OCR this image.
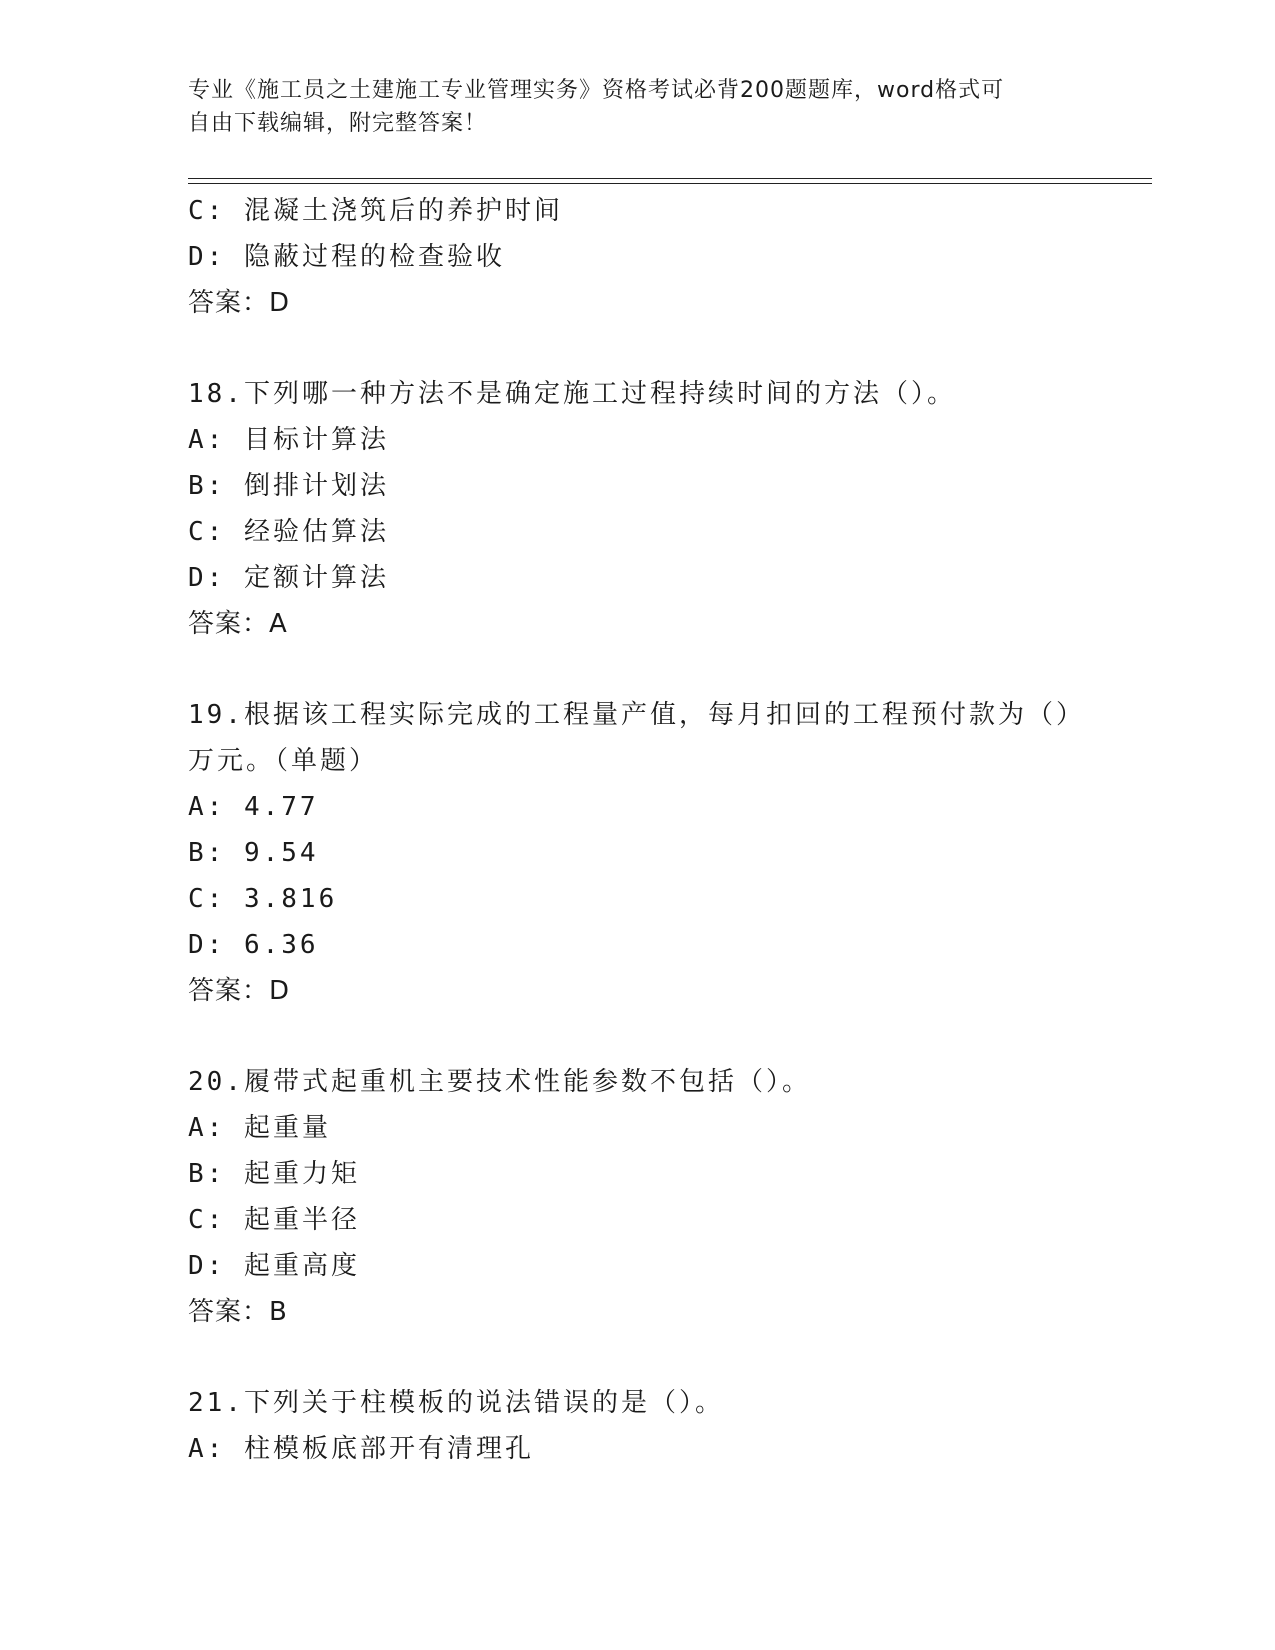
专业《施工员之土建施工专业管理实务》资格考试必背200题题库，word格式可
自由下载编辑，附完整答案！
C: 混凝土浇筑后的养护时间
D: 隐蔽过程的检查验收
答案：D
18.下列哪一种方法不是确定施工过程持续时间的方法（）。
A: 目标计算法
B: 倒排计划法
C: 经验估算法
D: 定额计算法
答案：A
19.根据该工程实际完成的工程量产值，每月扣回的工程预付款为（）
万元。（单题）
A: 4.77
B: 9.54
C: 3.816
D: 6.36
答案：D
20.履带式起重机主要技术性能参数不包括（）。
A: 起重量
B: 起重力矩
C: 起重半径
D: 起重高度
答案：B
21.下列关于柱模板的说法错误的是（）。
A: 柱模板底部开有清理孔
